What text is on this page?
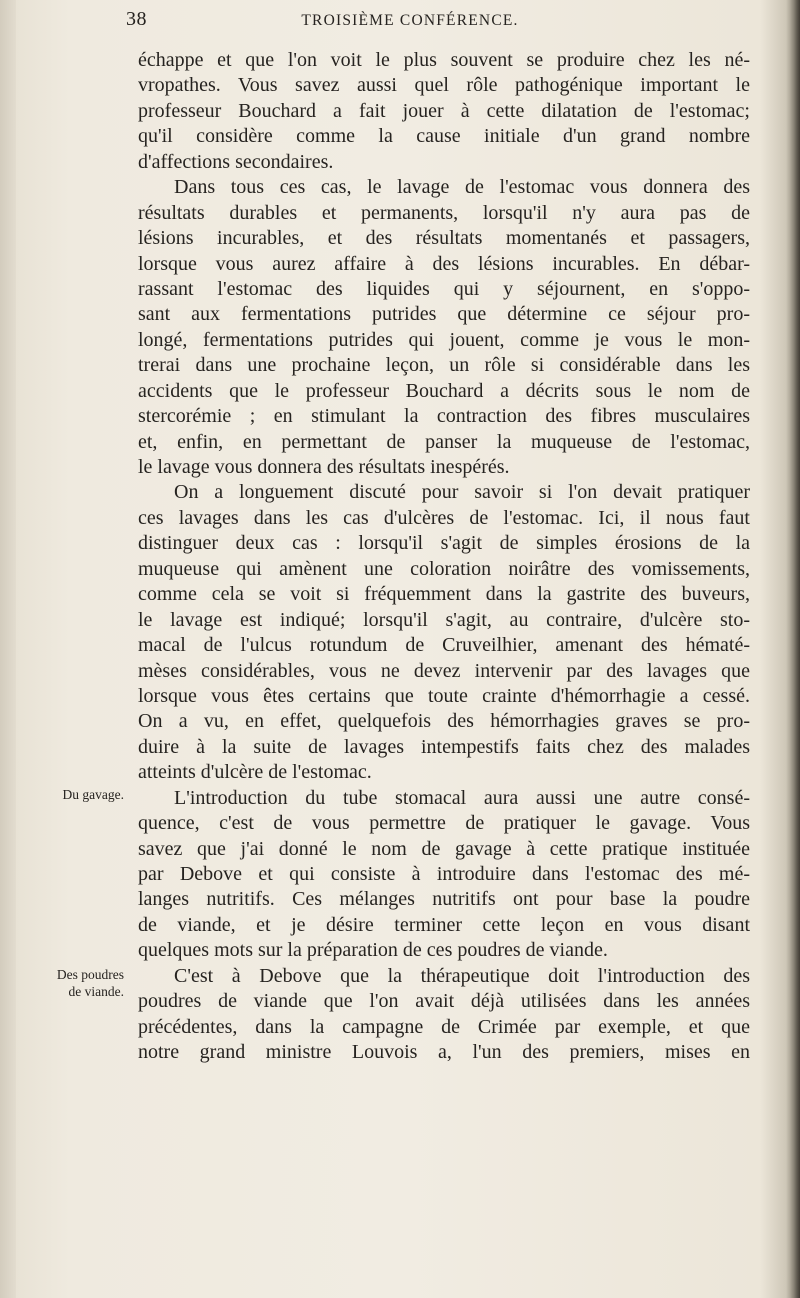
38	TROISIÈME CONFÉRENCE.
Du gavage.
Des poudres
de viande.
échappe et que l'on voit le plus souvent se produire chez les né-
vropathes. Vous savez aussi quel rôle pathogénique important le
professeur Bouchard a fait jouer à cette dilatation de l'estomac;
qu'il considère comme la cause initiale d'un grand nombre
d'affections secondaires.
Dans tous ces cas, le lavage de l'estomac vous donnera des
résultats durables et permanents, lorsqu'il n'y aura pas de
lésions incurables, et des résultats momentanés et passagers,
lorsque vous aurez affaire à des lésions incurables. En débar-
rassant l'estomac des liquides qui y séjournent, en s'oppo-
sant aux fermentations putrides que détermine ce séjour pro-
longé, fermentations putrides qui jouent, comme je vous le mon-
trerai dans une prochaine leçon, un rôle si considérable dans les
accidents que le professeur Bouchard a décrits sous le nom de
stercorémie ; en stimulant la contraction des fibres musculaires
et, enfin, en permettant de panser la muqueuse de l'estomac,
le lavage vous donnera des résultats inespérés.
On a longuement discuté pour savoir si l'on devait pratiquer
ces lavages dans les cas d'ulcères de l'estomac. Ici, il nous faut
distinguer deux cas : lorsqu'il s'agit de simples érosions de la
muqueuse qui amènent une coloration noirâtre des vomissements,
comme cela se voit si fréquemment dans la gastrite des buveurs,
le lavage est indiqué; lorsqu'il s'agit, au contraire, d'ulcère sto-
macal de l'ulcus rotundum de Cruveilhier, amenant des hématé-
mèses considérables, vous ne devez intervenir par des lavages que
lorsque vous êtes certains que toute crainte d'hémorrhagie a cessé.
On a vu, en effet, quelquefois des hémorrhagies graves se pro-
duire à la suite de lavages intempestifs faits chez des malades
atteints d'ulcère de l'estomac.
L'introduction du tube stomacal aura aussi une autre consé-
quence, c'est de vous permettre de pratiquer le gavage. Vous
savez que j'ai donné le nom de gavage à cette pratique instituée
par Debove et qui consiste à introduire dans l'estomac des mé-
langes nutritifs. Ces mélanges nutritifs ont pour base la poudre
de viande, et je désire terminer cette leçon en vous disant
quelques mots sur la préparation de ces poudres de viande.
C'est à Debove que la thérapeutique doit l'introduction des
poudres de viande que l'on avait déjà utilisées dans les années
précédentes, dans la campagne de Crimée par exemple, et que
notre grand ministre Louvois a, l'un des premiers, mises en
